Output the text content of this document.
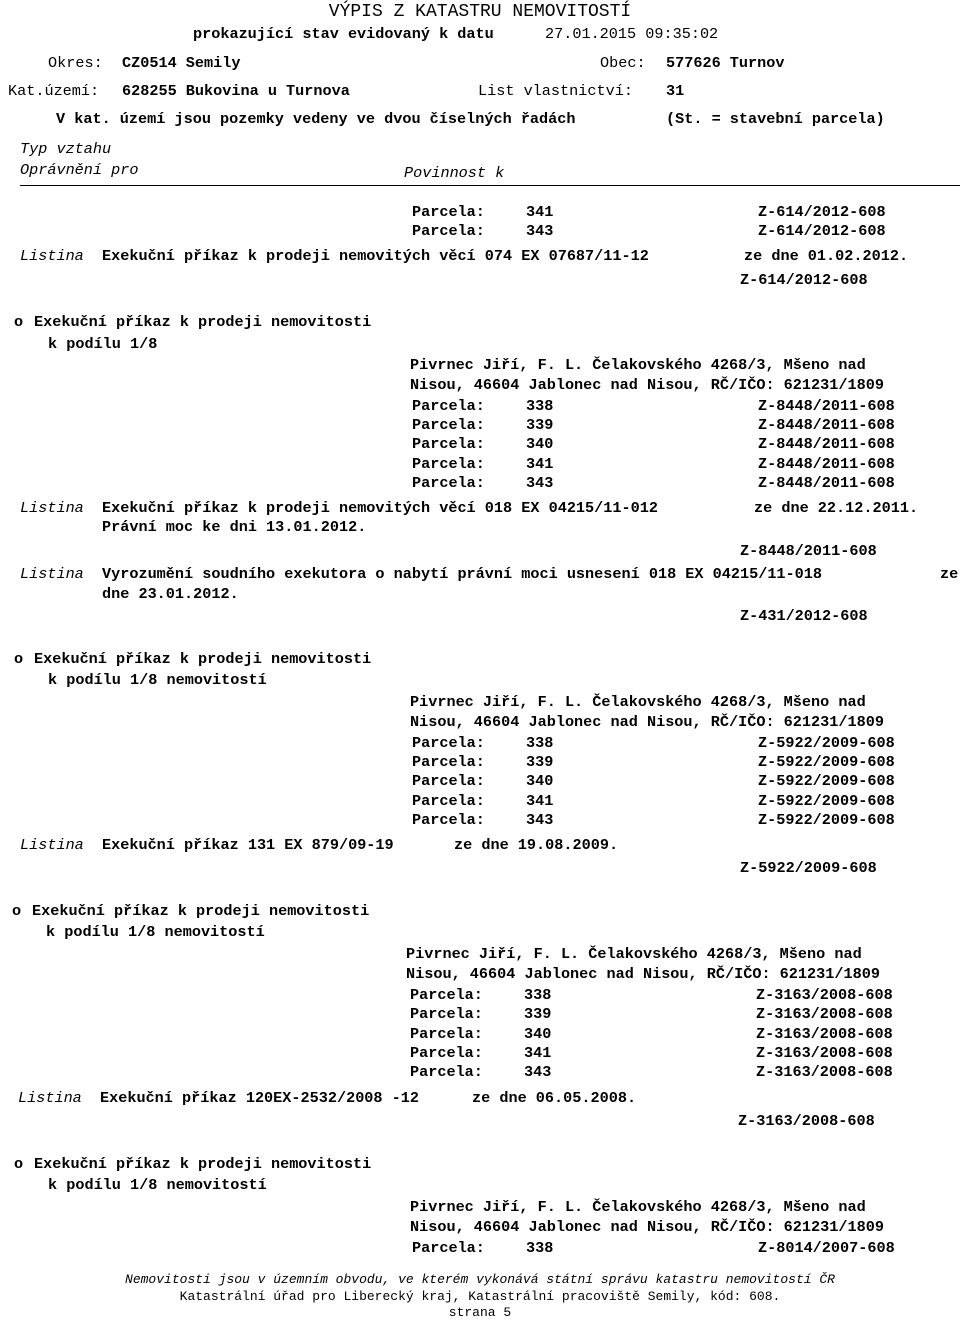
VÝPIS Z KATASTRU NEMOVITOSTÍ
prokazující stav evidovaný k datu	27.01.2015 09:35:02
Okres: CZ0514 Semily	Obec: 577626 Turnov
Kat.území: 628255 Bukovina u Turnova	List vlastnictví: 31
V kat. území jsou pozemky vedeny ve dvou číselných řadách	(St. = stavební parcela)
Typ vztahu
Oprávnění pro	Povinnost k
Parcela:	341	Z-614/2012-608
Parcela:	343	Z-614/2012-608
Listina Exekuční příkaz k prodeji nemovitých věcí 074 EX 07687/11-12	ze dne 01.02.2012.
Z-614/2012-608
o Exekuční příkaz k prodeji nemovitosti
k podílu 1/8
Pivrnec Jiří, F. L. Čelakovského 4268/3, Mšeno nad
Nisou, 46604 Jablonec nad Nisou, RČ/IČO: 621231/1809
Parcela:	338	Z-8448/2011-608
Parcela:	339	Z-8448/2011-608
Parcela:	340	Z-8448/2011-608
Parcela:	341	Z-8448/2011-608
Parcela:	343	Z-8448/2011-608
Listina Exekuční příkaz k prodeji nemovitých věcí 018 EX 04215/11-012	ze dne 22.12.2011.
Právní moc ke dni 13.01.2012.
Z-8448/2011-608
Listina Vyrozumění soudního exekutora o nabytí právní moci usnesení 018 EX 04215/11-018	ze
dne 23.01.2012.
Z-431/2012-608
o Exekuční příkaz k prodeji nemovitosti
k podílu 1/8 nemovitostí
Pivrnec Jiří, F. L. Čelakovského 4268/3, Mšeno nad
Nisou, 46604 Jablonec nad Nisou, RČ/IČO: 621231/1809
Parcela:	338	Z-5922/2009-608
Parcela:	339	Z-5922/2009-608
Parcela:	340	Z-5922/2009-608
Parcela:	341	Z-5922/2009-608
Parcela:	343	Z-5922/2009-608
Listina Exekuční příkaz 131 EX 879/09-19	ze dne 19.08.2009.
Z-5922/2009-608
o Exekuční příkaz k prodeji nemovitosti
k podílu 1/8 nemovitostí
Pivrnec Jiří, F. L. Čelakovského 4268/3, Mšeno nad
Nisou, 46604 Jablonec nad Nisou, RČ/IČO: 621231/1809
Parcela:	338	Z-3163/2008-608
Parcela:	339	Z-3163/2008-608
Parcela:	340	Z-3163/2008-608
Parcela:	341	Z-3163/2008-608
Parcela:	343	Z-3163/2008-608
Listina Exekuční příkaz 120EX-2532/2008 -12	ze dne 06.05.2008.
Z-3163/2008-608
o Exekuční příkaz k prodeji nemovitosti
k podílu 1/8 nemovitostí
Pivrnec Jiří, F. L. Čelakovského 4268/3, Mšeno nad
Nisou, 46604 Jablonec nad Nisou, RČ/IČO: 621231/1809
Parcela:	338	Z-8014/2007-608
Nemovitosti jsou v územním obvodu, ve kterém vykonává státní správu katastru nemovitostí ČR
Katastrální úřad pro Liberecký kraj, Katastrální pracoviště Semily, kód: 608.
strana 5
